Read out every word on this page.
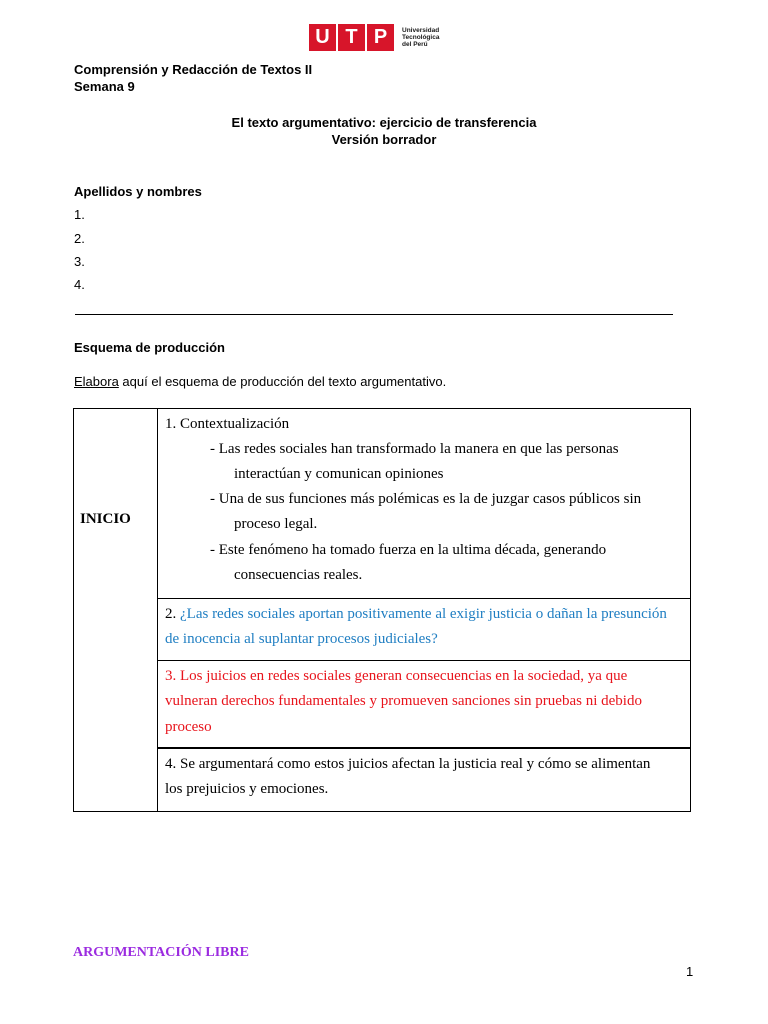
U T P	Universidad
Tecnológica
del Perú
Comprensión y Redacción de Textos II
Semana 9
El texto argumentativo: ejercicio de transferencia
Versión borrador
Apellidos y nombres
1.
2.
3.
4.
Esquema de producción
Elabora aquí el esquema de producción del texto argumentativo.
INICIO
1. Contextualización
- Las redes sociales han transformado la manera en que las personas
interactúan y comunican opiniones
- Una de sus funciones más polémicas es la de juzgar casos públicos sin
proceso legal.
- Este fenómeno ha tomado fuerza en la ultima década, generando
consecuencias reales.
2. ¿Las redes sociales aportan positivamente al exigir justicia o dañan la presunción
de inocencia al suplantar procesos judiciales?
3. Los juicios en redes sociales generan consecuencias en la sociedad, ya que
vulneran derechos fundamentales y promueven sanciones sin pruebas ni debido
proceso
4. Se argumentará como estos juicios afectan la justicia real y cómo se alimentan
los prejuicios y emociones.
ARGUMENTACIÓN LIBRE
1
